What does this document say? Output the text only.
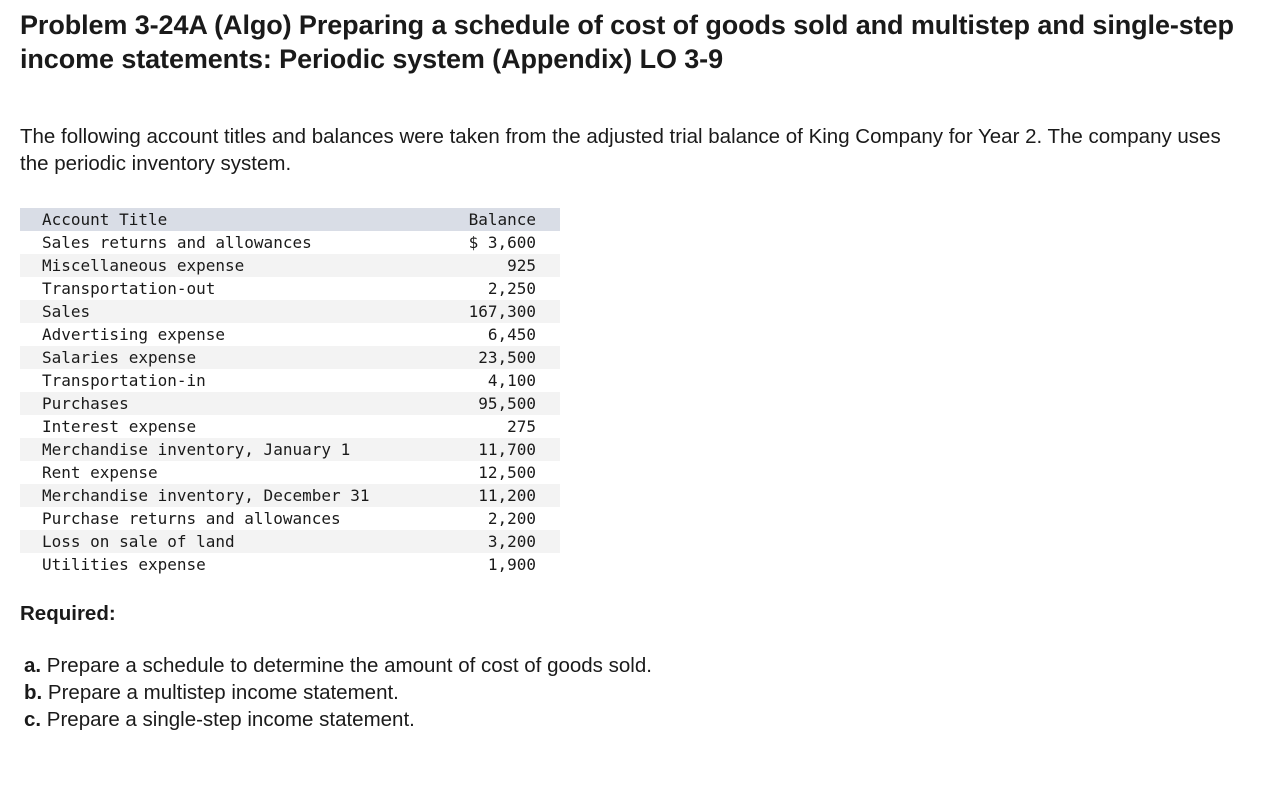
Problem 3-24A (Algo) Preparing a schedule of cost of goods sold and multistep and single-step income statements: Periodic system (Appendix) LO 3-9

The following account titles and balances were taken from the adjusted trial balance of King Company for Year 2. The company uses the periodic inventory system.

Account Title	Balance
Sales returns and allowances	$ 3,600
Miscellaneous expense	925
Transportation-out	2,250
Sales	167,300
Advertising expense	6,450
Salaries expense	23,500
Transportation-in	4,100
Purchases	95,500
Interest expense	275
Merchandise inventory, January 1	11,700
Rent expense	12,500
Merchandise inventory, December 31	11,200
Purchase returns and allowances	2,200
Loss on sale of land	3,200
Utilities expense	1,900

Required:

a. Prepare a schedule to determine the amount of cost of goods sold.
b. Prepare a multistep income statement.
c. Prepare a single-step income statement.
